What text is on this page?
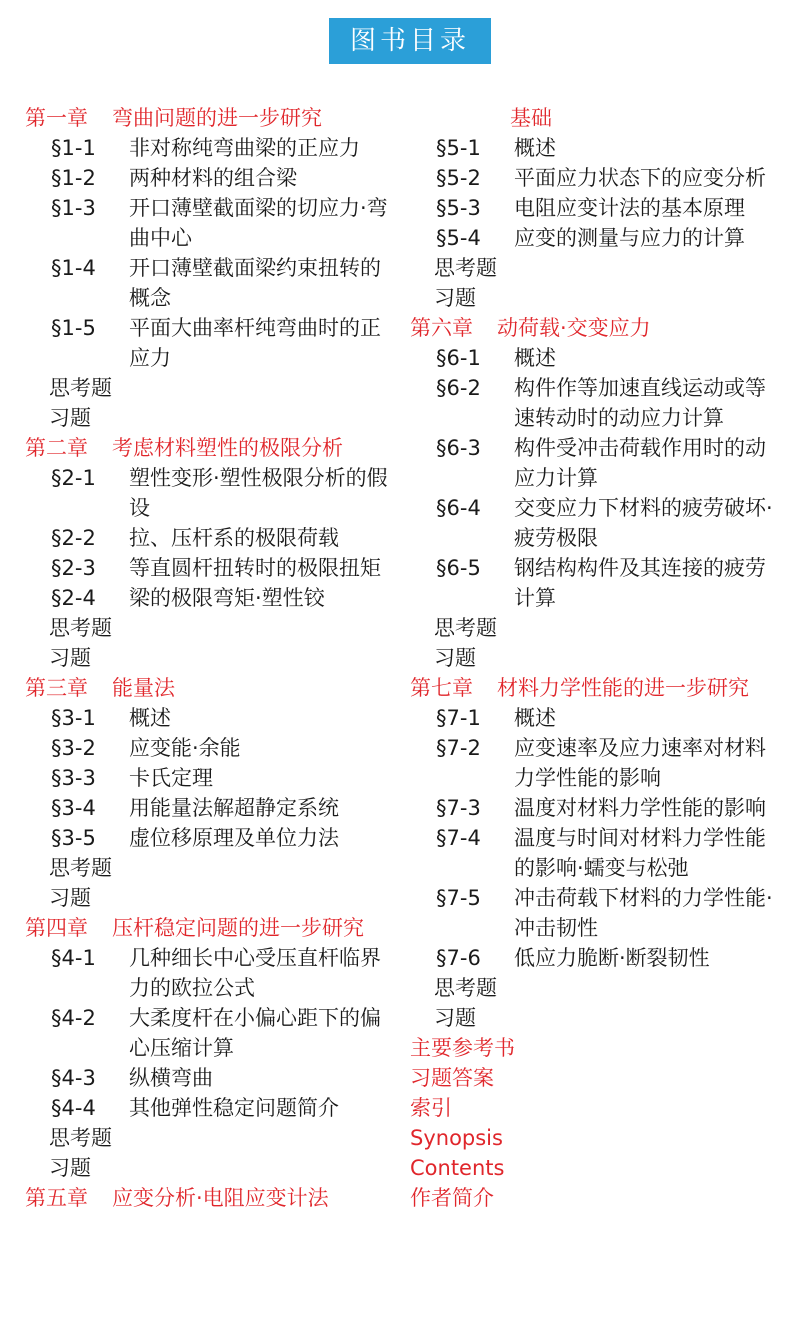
图书目录
第一章 弯曲问题的进一步研究
§1-1	非对称纯弯曲梁的正应力
§1-2	两种材料的组合梁
§1-3	开口薄壁截面梁的切应力·弯曲中心
§1-4	开口薄壁截面梁约束扭转的概念
§1-5	平面大曲率杆纯弯曲时的正应力
思考题
习题
第二章 考虑材料塑性的极限分析
§2-1	塑性变形·塑性极限分析的假设
§2-2	拉、压杆系的极限荷载
§2-3	等直圆杆扭转时的极限扭矩
§2-4	梁的极限弯矩·塑性铰
思考题
习题
第三章 能量法
§3-1	概述
§3-2	应变能·余能
§3-3	卡氏定理
§3-4	用能量法解超静定系统
§3-5	虚位移原理及单位力法
思考题
习题
第四章 压杆稳定问题的进一步研究
§4-1	几种细长中心受压直杆临界力的欧拉公式
§4-2	大柔度杆在小偏心距下的偏心压缩计算
§4-3	纵横弯曲
§4-4	其他弹性稳定问题简介
思考题
习题
第五章 应变分析·电阻应变计法
基础
§5-1	概述
§5-2	平面应力状态下的应变分析
§5-3	电阻应变计法的基本原理
§5-4	应变的测量与应力的计算
思考题
习题
第六章 动荷载·交变应力
§6-1	概述
§6-2	构件作等加速直线运动或等速转动时的动应力计算
§6-3	构件受冲击荷载作用时的动应力计算
§6-4	交变应力下材料的疲劳破坏·疲劳极限
§6-5	钢结构构件及其连接的疲劳计算
思考题
习题
第七章 材料力学性能的进一步研究
§7-1	概述
§7-2	应变速率及应力速率对材料力学性能的影响
§7-3	温度对材料力学性能的影响
§7-4	温度与时间对材料力学性能的影响·蠕变与松弛
§7-5	冲击荷载下材料的力学性能·冲击韧性
§7-6	低应力脆断·断裂韧性
思考题
习题
主要参考书
习题答案
索引
Synopsis
Contents
作者简介
